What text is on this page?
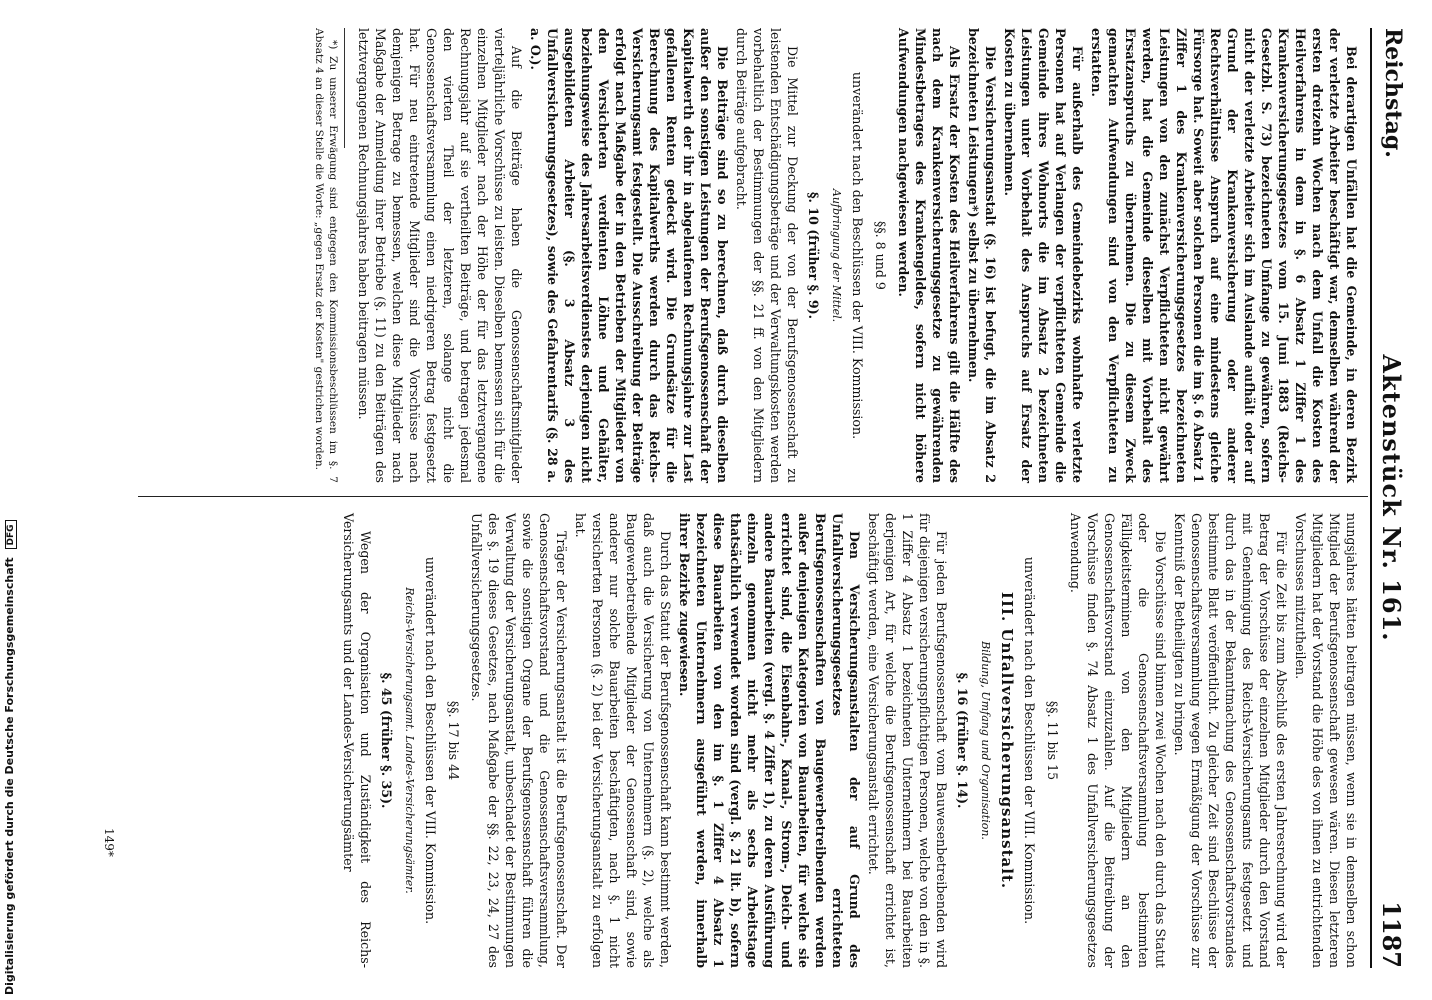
Reichstag.
Aktenstück Nr. 161.
1187

Bei derartigen Unfällen hat die Gemeinde, in deren Bezirk der verletzte Arbeiter beschäftigt war, demselben während der ersten dreizehn Wochen nach dem Unfall die Kosten des Heilverfahrens in dem in §. 6 Absatz 1 Ziffer 1 des Krankenversicherungsgesetzes vom 15. Juni 1883 (Reichs-Gesetzbl. S. 73) bezeichneten Umfange zu gewähren, sofern nicht der verletzte Arbeiter sich im Auslande aufhält oder auf Grund der Krankenversicherung oder anderer Rechtsverhältnisse Anspruch auf eine mindestens gleiche Fürsorge hat. Soweit aber solchen Personen die im §. 6 Absatz 1 Ziffer 1 des Krankenversicherungsgesetzes bezeichneten Leistungen von den zunächst Verpflichteten nicht gewährt werden, hat die Gemeinde dieselben mit Vorbehalt des Ersatzanspruchs zu übernehmen. Die zu diesem Zweck gemachten Aufwendungen sind von den Verpflichteten zu erstatten.

Für außerhalb des Gemeindebezirks wohnhafte verletzte Personen hat auf Verlangen der verpflichteten Gemeinde die Gemeinde ihres Wohnorts die im Absatz 2 bezeichneten Leistungen unter Vorbehalt des Anspruchs auf Ersatz der Kosten zu übernehmen.

Die Versicherungsanstalt (§. 16) ist befugt, die im Absatz 2 bezeichneten Leistungen*) selbst zu übernehmen.

Als Ersatz der Kosten des Heilverfahrens gilt die Hälfte des nach dem Krankenversicherungsgesetze zu gewährenden Mindestbetrages des Krankengeldes, sofern nicht höhere Aufwendungen nachgewiesen werden.

§§. 8 und 9

unverändert nach den Beschlüssen der VIII. Kommission.

Aufbringung der Mittel.

§. 10 (früher §. 9).

Die Mittel zur Deckung der von der Berufsgenossenschaft zu leistenden Entschädigungsbeträge und der Verwaltungskosten werden vorbehaltlich der Bestimmungen der §§. 21 ff. von den Mitgliedern durch Beiträge aufgebracht.

Die Beiträge sind so zu berechnen, daß durch dieselben außer den sonstigen Leistungen der Berufsgenossenschaft der Kapitalwerth der ihr in abgelaufenen Rechnungsjahre zur Last gefallenen Renten gedeckt wird. Die Grundsätze für die Berechnung des Kapitalwerths werden durch das Reichs-Versicherungsamt festgestellt. Die Ausschreibung der Beiträge erfolgt nach Maßgabe der in den Betrieben der Mitglieder von den Versicherten verdienten Löhne und Gehälter, beziehungsweise des Jahresarbeitsverdienstes derjenigen nicht ausgebildeten Arbeiter (§. 3 Absatz 3 des Unfallversicherungsgesetzes), sowie des Gefahrentarifs (§. 28 a. a. O.).

Auf die Beiträge haben die Genossenschaftsmitglieder vierteljährliche Vorschüsse zu leisten. Dieselben bemessen sich für die einzelnen Mitglieder nach der Höhe der für das letztvergangene Rechnungsjahr auf sie vertheilten Beiträge, und betragen jedesmal den vierten Theil der letzteren, solange nicht die Genossenschaftsversammlung einen niedrigeren Betrag festgesetzt hat. Für neu eintretende Mitglieder sind die Vorschüsse nach demjenigen Betrage zu bemessen, welchen diese Mitglieder nach Maßgabe der Anmeldung ihrer Betriebe (§. 11) zu den Beiträgen des letztvergangenen Rechnungsjahres haben beitragen müssen.

*) Zu unserer Erwägung sind entgegen den Kommissionsbeschlüssen im §. 7 Absatz 4 an dieser Stelle die Worte: „gegen Ersatz der Kosten" gestrichen worden.

nungsjahres hätten beitragen müssen, wenn sie in demselben schon Mitglied der Berufsgenossenschaft gewesen wären. Diesen letzteren Mitgliedern hat der Vorstand die Höhe des von ihnen zu entrichtenden Vorschusses mitzutheilen.

Für die Zeit bis zum Abschluß des ersten Jahresrechnung wird der Betrag der Vorschüsse der einzelnen Mitglieder durch den Vorstand mit Genehmigung des Reichs-Versicherungsamts festgesetzt und durch das in der Bekanntmachung des Genossenschaftsvorstandes bestimmte Blatt veröffentlicht. Zu gleicher Zeit sind Beschlüsse der Genossenschaftsversammlung wegen Ermäßigung der Vorschüsse zur Kenntniß der Betheiligten zu bringen.

Die Vorschüsse sind binnen zwei Wochen nach den durch das Statut oder die Genossenschaftsversammlung bestimmten Fälligkeitsterminen von den Mitgliedern an den Genossenschaftsvorstand einzuzahlen. Auf die Beitreibung der Vorschüsse finden §. 74 Absatz 1 des Unfallversicherungsgesetzes Anwendung.

§§. 11 bis 15

unverändert nach den Beschlüssen der VIII. Kommission.

III. Unfallversicherungsanstalt.

Bildung, Umfang und Organisation.

§. 16 (früher §. 14).

Für jeden Berufsgenossenschaft vom Bauwesenbetreibenden wird für diejenigen versicherungspflichtigen Personen, welche von den in §. 1 Ziffer 4 Absatz 1 bezeichneten Unternehmern bei Bauarbeiten derjenigen Art, für welche die Berufsgenossenschaft errichtet ist, beschäftigt werden, eine Versicherungsanstalt errichtet.

Den Versicherungsanstalten der auf Grund des Unfallversicherungsgesetzes errichteten Berufsgenossenschaften von Baugewerbetreibenden werden außer denjenigen Kategorien von Bauarbeiten, für welche sie errichtet sind, die Eisenbahn-, Kanal-, Strom-, Deich- und andere Bauarbeiten (vergl. §. 4 Ziffer 1), zu deren Ausführung einzeln genommen nicht mehr als sechs Arbeitstage thatsächlich verwendet worden sind (vergl. §. 21 lit. b), sofern diese Bauarbeiten von den im §. 1 Ziffer 4 Absatz 1 bezeichneten Unternehmern ausgeführt werden, innerhalb ihrer Bezirke zugewiesen.

Durch das Statut der Berufsgenossenschaft kann bestimmt werden, daß auch die Versicherung von Unternehmern (§. 2), welche als Baugewerbetreibende Mitglieder der Genossenschaft sind, sowie anderer nur solche Bauarbeiten beschäftigten, nach §. 1 nicht versicherten Personen (§. 2) bei der Versicherungsanstalt zu erfolgen hat.

Träger der Versicherungsanstalt ist die Berufsgenossenschaft. Der Genossenschaftsvorstand und die Genossenschaftsversammlung, sowie die sonstigen Organe der Berufsgenossenschaft führen die Verwaltung der Versicherungsanstalt, unbeschadet der Bestimmungen des §. 19 dieses Gesetzes, nach Maßgabe der §§. 22, 23, 24, 27 des Unfallversicherungsgesetzes.

§§. 17 bis 44

unverändert nach den Beschlüssen der VIII. Kommission.

Reichs-Versicherungsamt. Landes-Versicherungsämter.

§. 45 (früher §. 35).

Wegen der Organisation und Zuständigkeit des Reichs-Versicherungsamts und der Landes-Versicherungsämter

149*
Digitalisierung gefördert durch die Deutsche Forschungsgemeinschaft DFG
